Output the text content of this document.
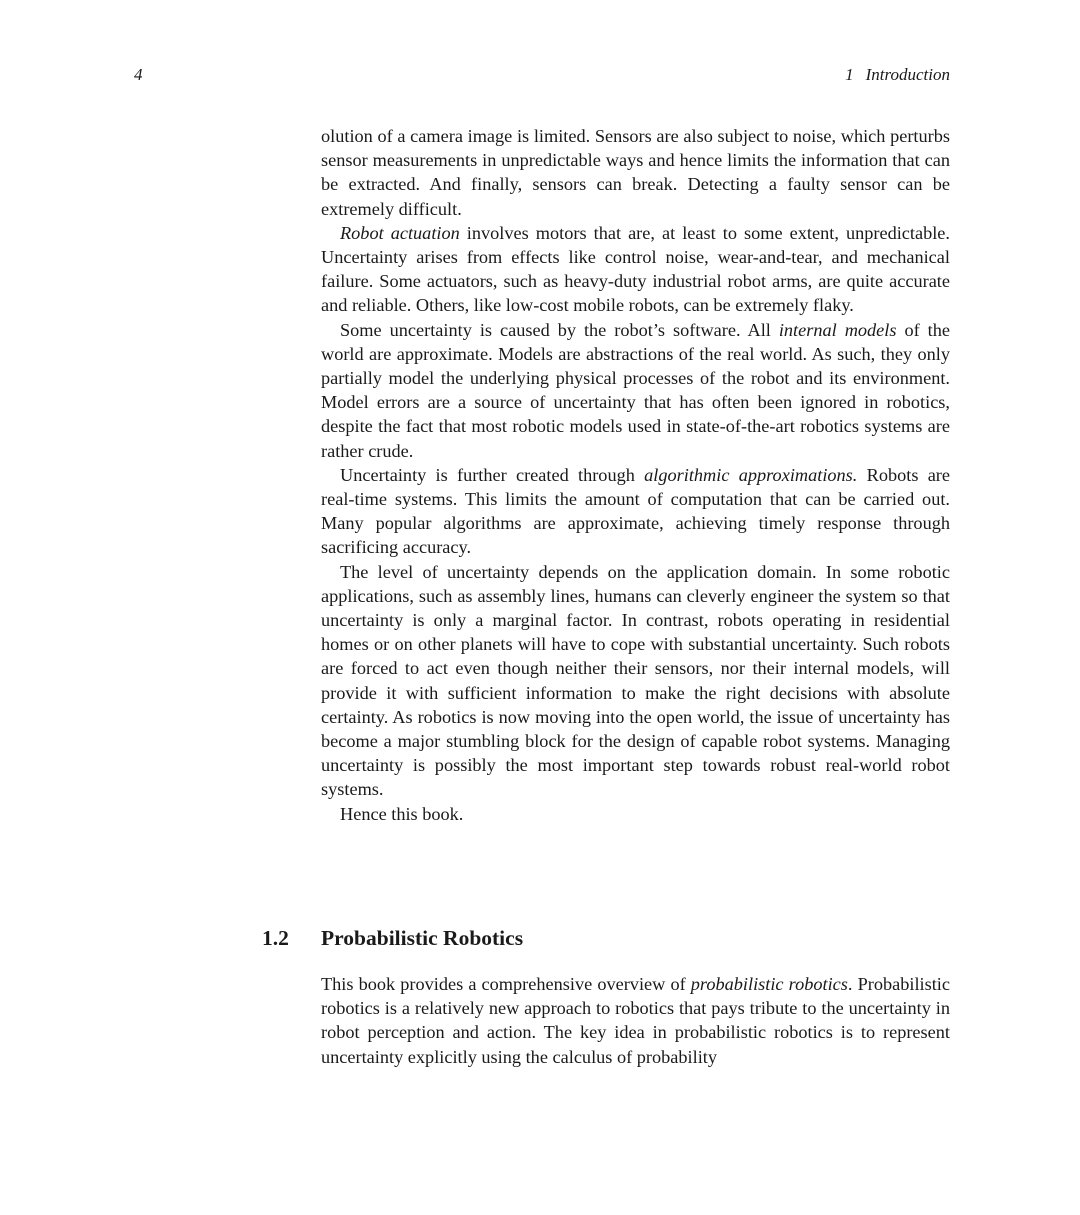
4	1 Introduction

olution of a camera image is limited. Sensors are also subject to noise, which perturbs sensor measurements in unpredictable ways and hence limits the information that can be extracted. And finally, sensors can break. Detecting a faulty sensor can be extremely difficult.

Robot actuation involves motors that are, at least to some extent, unpredictable. Uncertainty arises from effects like control noise, wear-and-tear, and mechanical failure. Some actuators, such as heavy-duty industrial robot arms, are quite accurate and reliable. Others, like low-cost mobile robots, can be extremely flaky.

Some uncertainty is caused by the robot’s software. All internal models of the world are approximate. Models are abstractions of the real world. As such, they only partially model the underlying physical processes of the robot and its environment. Model errors are a source of uncertainty that has often been ignored in robotics, despite the fact that most robotic models used in state-of-the-art robotics systems are rather crude.

Uncertainty is further created through algorithmic approximations. Robots are real-time systems. This limits the amount of computation that can be carried out. Many popular algorithms are approximate, achieving timely response through sacrificing accuracy.

The level of uncertainty depends on the application domain. In some robotic applications, such as assembly lines, humans can cleverly engineer the system so that uncertainty is only a marginal factor. In contrast, robots operating in residential homes or on other planets will have to cope with substantial uncertainty. Such robots are forced to act even though neither their sensors, nor their internal models, will provide it with sufficient information to make the right decisions with absolute certainty. As robotics is now moving into the open world, the issue of uncertainty has become a major stumbling block for the design of capable robot systems. Managing uncertainty is possibly the most important step towards robust real-world robot systems.

Hence this book.

1.2 Probabilistic Robotics

This book provides a comprehensive overview of probabilistic robotics. Probabilistic robotics is a relatively new approach to robotics that pays tribute to the uncertainty in robot perception and action. The key idea in probabilistic robotics is to represent uncertainty explicitly using the calculus of probability
